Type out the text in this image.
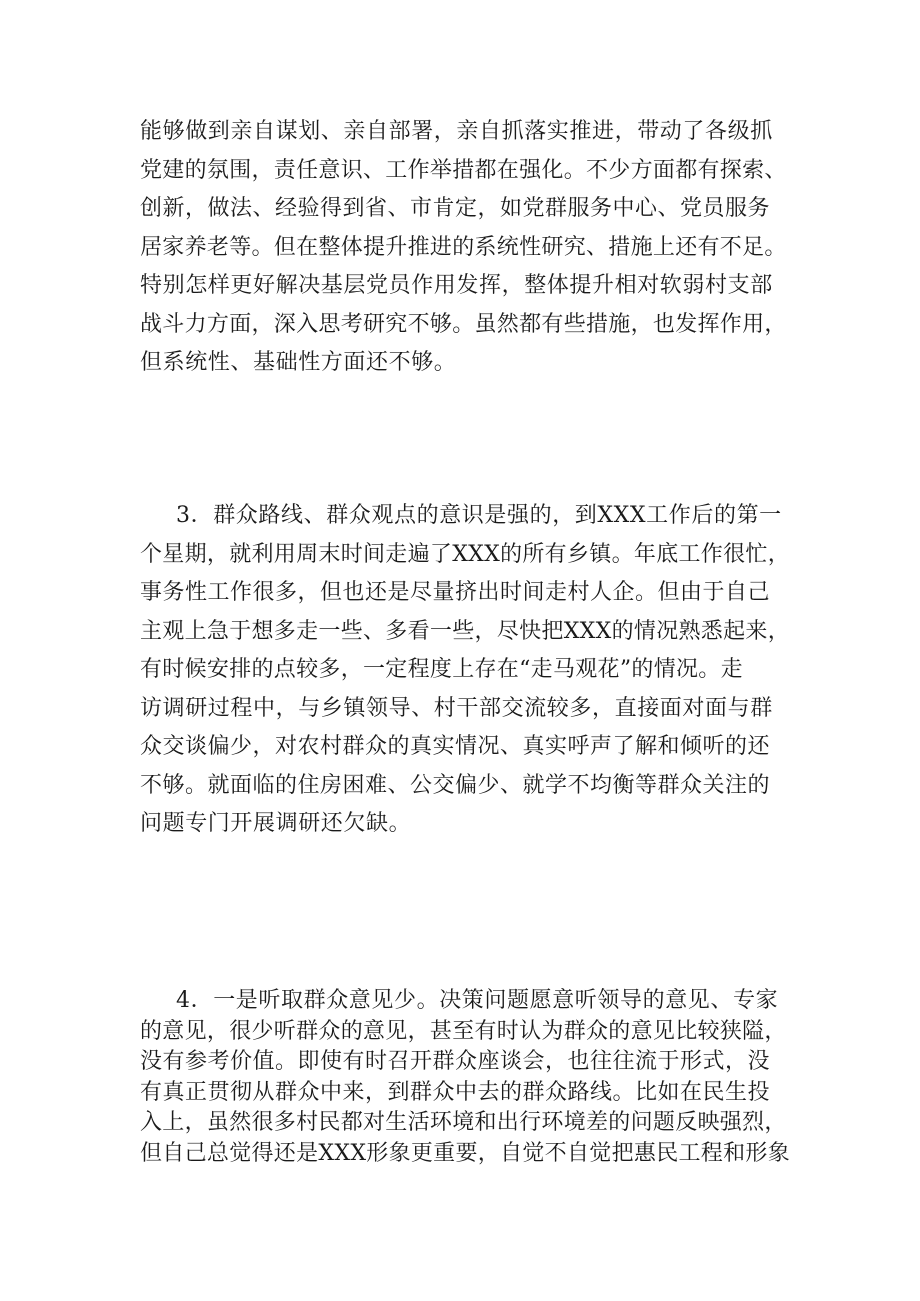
能够做到亲自谋划、亲自部署，亲自抓落实推进，带动了各级抓
党建的氛围，责任意识、工作举措都在强化。不少方面都有探索、
创新，做法、经验得到省、市肯定，如党群服务中心、党员服务
居家养老等。但在整体提升推进的系统性研究、措施上还有不足。
特别怎样更好解决基层党员作用发挥，整体提升相对软弱村支部
战斗力方面，深入思考研究不够。虽然都有些措施，也发挥作用，
但系统性、基础性方面还不够。
3．群众路线、群众观点的意识是强的，到XXX工作后的第一
个星期，就利用周末时间走遍了XXX的所有乡镇。年底工作很忙，
事务性工作很多，但也还是尽量挤出时间走村人企。但由于自己
主观上急于想多走一些、多看一些，尽快把XXX的情况熟悉起来，
有时候安排的点较多，一定程度上存在“走马观花”的情况。走
访调研过程中，与乡镇领导、村干部交流较多，直接面对面与群
众交谈偏少，对农村群众的真实情况、真实呼声了解和倾听的还
不够。就面临的住房困难、公交偏少、就学不均衡等群众关注的
问题专门开展调研还欠缺。
4．一是听取群众意见少。决策问题愿意听领导的意见、专家
的意见，很少听群众的意见，甚至有时认为群众的意见比较狭隘，
没有参考价值。即使有时召开群众座谈会，也往往流于形式，没
有真正贯彻从群众中来，到群众中去的群众路线。比如在民生投
入上，虽然很多村民都对生活环境和出行环境差的问题反映强烈，
但自己总觉得还是XXX形象更重要，自觉不自觉把惠民工程和形象
